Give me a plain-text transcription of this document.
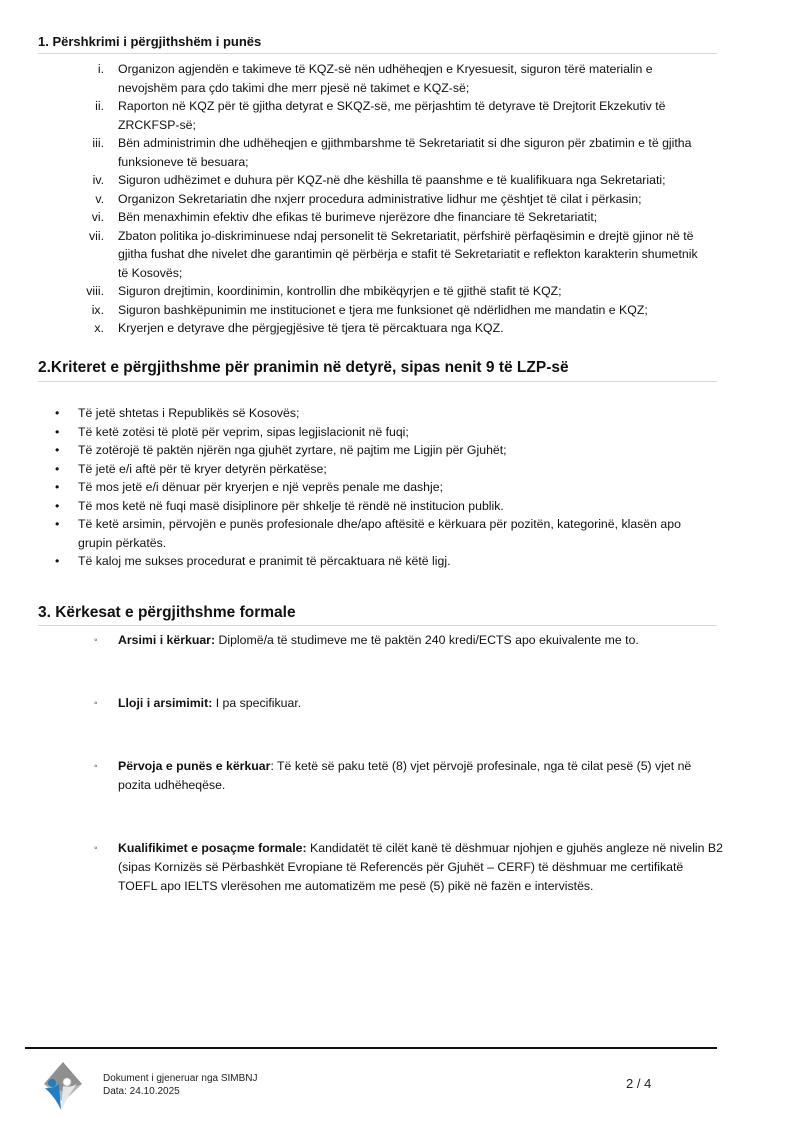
1. Përshkrimi i përgjithshëm i punës
i. Organizon agjendën e takimeve të KQZ-së nën udhëheqjen e Kryesuesit, siguron tërë materialin e nevojshëm para çdo takimi dhe merr pjesë në takimet e KQZ-së;
ii. Raporton në KQZ për të gjitha detyrat e SKQZ-së, me përjashtim të detyrave të Drejtorit Ekzekutiv të ZRCKFSP-së;
iii. Bën administrimin dhe udhëheqjen e gjithmbarshme të Sekretariatit si dhe siguron për zbatimin e të gjitha funksioneve të besuara;
iv. Siguron udhëzimet e duhura për KQZ-në dhe këshilla të paanshme e të kualifikuara nga Sekretariati;
v. Organizon Sekretariatin dhe nxjerr procedura administrative lidhur me çështjet të cilat i përkasin;
vi. Bën menaxhimin efektiv dhe efikas të burimeve njerëzore dhe financiare të Sekretariatit;
vii. Zbaton politika jo-diskriminuese ndaj personelit të Sekretariatit, përfshirë përfaqësimin e drejtë gjinor në të gjitha fushat dhe nivelet dhe garantimin që përbërja e stafit të Sekretariatit e reflekton karakterin shumetnik të Kosovës;
viii. Siguron drejtimin, koordinimin, kontrollin dhe mbikëqyrjen e të gjithë stafit të KQZ;
ix. Siguron bashkëpunimin me institucionet e tjera me funksionet që ndërlidhen me mandatin e KQZ;
x. Kryerjen e detyrave dhe përgjegjësive të tjera të përcaktuara nga KQZ.
2.Kriteret e përgjithshme për pranimin në detyrë, sipas nenit 9 të LZP-së
• Të jetë shtetas i Republikës së Kosovës;
• Të ketë zotësi të plotë për veprim, sipas legjislacionit në fuqi;
• Të zotërojë të paktën njërën nga gjuhët zyrtare, në pajtim me Ligjin për Gjuhët;
• Të jetë e/i aftë për të kryer detyrën përkatëse;
• Të mos jetë e/i dënuar për kryerjen e një veprës penale me dashje;
• Të mos ketë në fuqi masë disiplinore për shkelje të rëndë në institucion publik.
• Të ketë arsimin, përvojën e punës profesionale dhe/apo aftësitë e kërkuara për pozitën, kategorinë, klasën apo grupin përkatës.
• Të kaloj me sukses procedurat e pranimit të përcaktuara në këtë ligj.
3. Kërkesat e përgjithshme formale
◦	Arsimi i kërkuar: Diplomë/a të studimeve me të paktën 240 kredi/ECTS apo ekuivalente me to.
◦	Lloji i arsimimit: I pa specifikuar.
◦	Përvoja e punës e kërkuar: Të ketë së paku tetë (8) vjet përvojë profesinale, nga të cilat pesë (5) vjet në pozita udhëheqëse.
◦	Kualifikimet e posaçme formale: Kandidatët të cilët kanë të dëshmuar njohjen e gjuhës angleze në nivelin B2 (sipas Kornizës së Përbashkët Evropiane të Referencës për Gjuhët – CERF) të dëshmuar me certifikatë TOEFL apo IELTS vlerësohen me automatizëm me pesë (5) pikë në fazën e intervistës.
Dokument i gjeneruar nga SIMBNJ
Data: 24.10.2025
2 / 4
